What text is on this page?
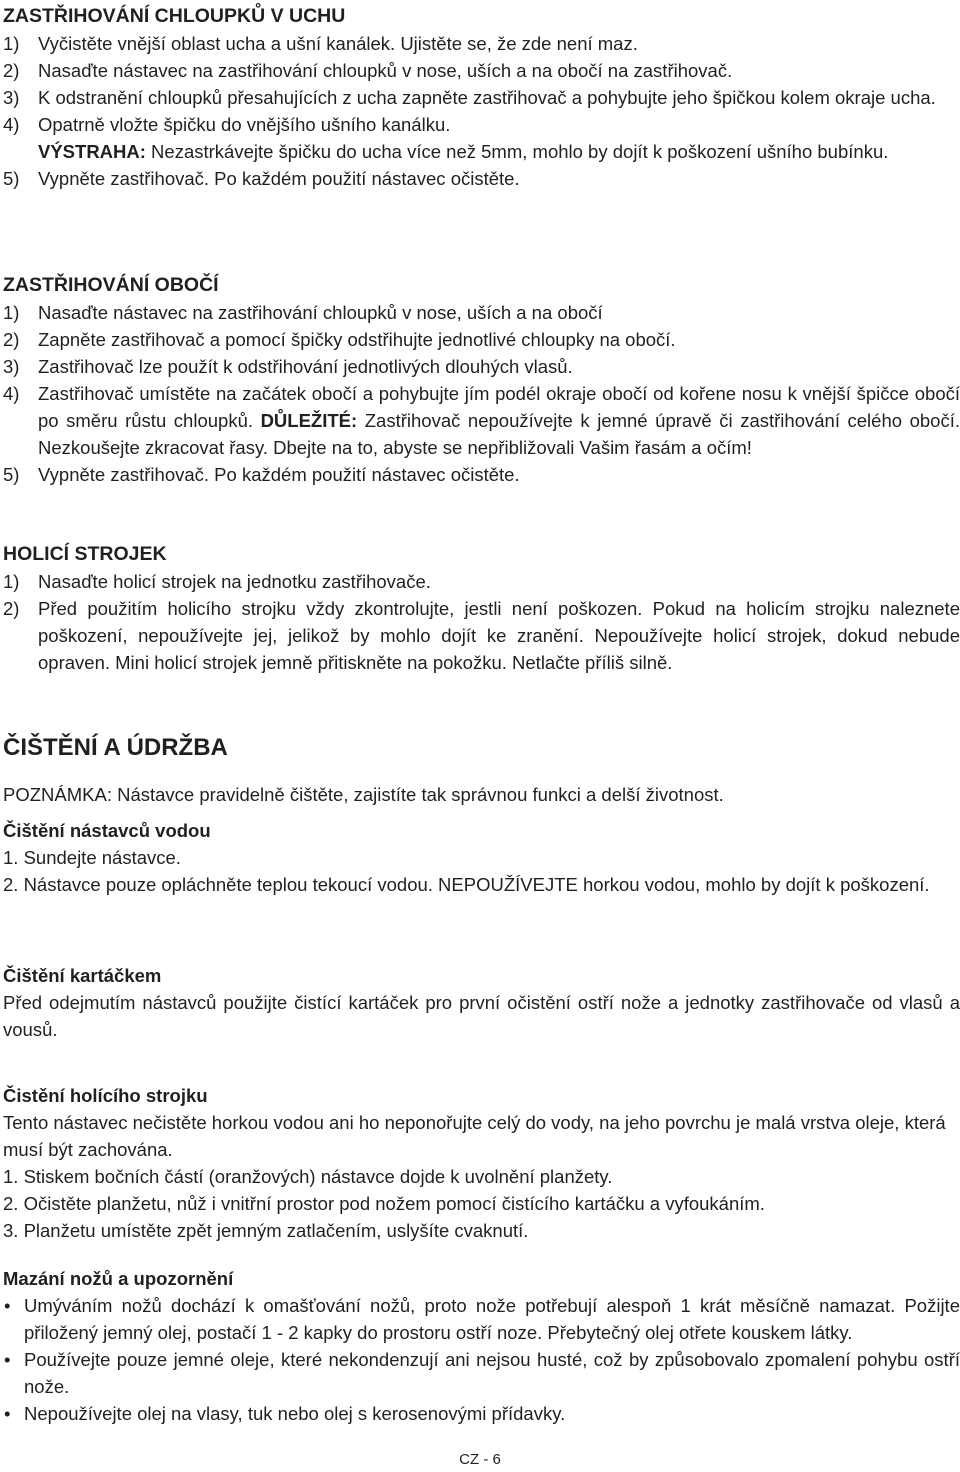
ZASTŘIHOVÁNÍ CHLOUPKŮ V UCHU
1) Vyčistěte vnější oblast ucha a ušní kanálek. Ujistěte se, že zde není maz.
2) Nasaďte nástavec na zastřihování chloupků v nose, uších a na obočí na zastřihovač.
3) K odstranění chloupků přesahujících z ucha zapněte zastřihovač a pohybujte jeho špičkou kolem okraje ucha.
4) Opatrně vložte špičku do vnějšího ušního kanálku.
VÝSTRAHA: Nezastrkávejte špičku do ucha více než 5mm, mohlo by dojít k poškození ušního bubínku.
5) Vypněte zastřihovač. Po každém použití nástavec očistěte.
ZASTŘIHOVÁNÍ OBOČÍ
1) Nasaďte nástavec na zastřihování chloupků v nose, uších a na obočí
2) Zapněte zastřihovač a pomocí špičky odstřihujte jednotlivé chloupky na obočí.
3) Zastřihovač lze použít k odstřihování jednotlivých dlouhých vlasů.
4) Zastřihovač umístěte na začátek obočí a pohybujte jím podél okraje obočí od kořene nosu k vnější špičce obočí po směru růstu chloupků. DŮLEŽITÉ: Zastřihovač nepoužívejte k jemné úpravě či zastřihování celého obočí. Nezkoušejte zkracovat řasy. Dbejte na to, abyste se nepřibližovali Vašim řasám a očím!
5) Vypněte zastřihovač. Po každém použití nástavec očistěte.
HOLICÍ STROJEK
1) Nasaďte holicí strojek na jednotku zastřihovače.
2) Před použitím holicího strojku vždy zkontrolujte, jestli není poškozen. Pokud na holicím strojku naleznete poškození, nepoužívejte jej, jelikož by mohlo dojít ke zranění. Nepoužívejte holicí strojek, dokud nebude opraven. Mini holicí strojek jemně přitiskněte na pokožku. Netlačte příliš silně.
ČIŠTĚNÍ A ÚDRŽBA
POZNÁMKA: Nástavce pravidelně čištěte, zajistíte tak správnou funkci a delší životnost.
Čištění nástavců vodou
1. Sundejte nástavce.
2. Nástavce pouze opláchněte teplou tekoucí vodou. NEPOUŽÍVEJTE horkou vodou, mohlo by dojít k poškození.
Čištění kartáčkem
Před odejmutím nástavců použijte čistící kartáček pro první očistění ostří nože a jednotky zastřihovače od vlasů a vousů.
Čistění holícího strojku
Tento nástavec nečistěte horkou vodou ani ho neponořujte celý do vody, na jeho povrchu je malá vrstva oleje, která musí být zachována.
1. Stiskem bočních částí (oranžových) nástavce dojde k uvolnění planžety.
2. Očistěte planžetu, nůž i vnitřní prostor pod nožem pomocí čistícího kartáčku a vyfoukáním.
3. Planžetu umístěte zpět jemným zatlačením, uslyšíte cvaknutí.
Mazání nožů a upozornění
• Umýváním nožů dochází k omašťování nožů, proto nože potřebují alespoň 1 krát měsíčně namazat. Požijte přiložený jemný olej, postačí 1 - 2 kapky do prostoru ostří noze. Přebytečný olej otřete kouskem látky.
• Používejte pouze jemné oleje, které nekondenzují ani nejsou husté, což by způsobovalo zpomalení pohybu ostří nože.
• Nepoužívejte olej na vlasy, tuk nebo olej s kerosenovými přídavky.
CZ - 6
